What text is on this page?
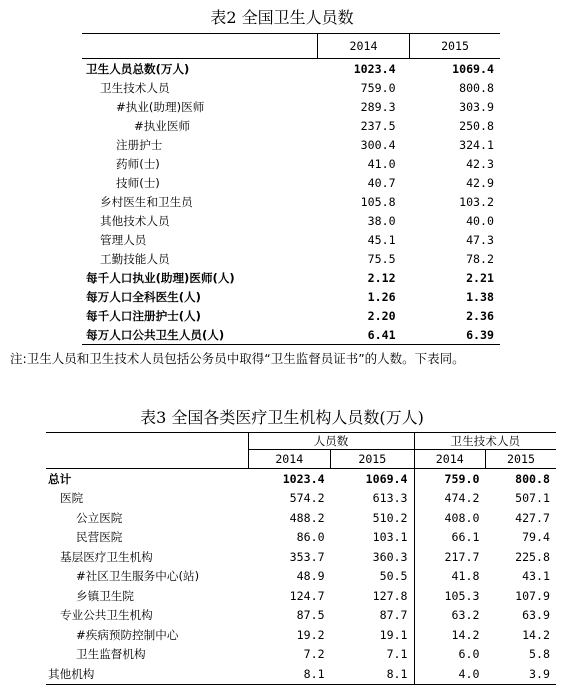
表2 全国卫生人员数
	2014	2015
卫生人员总数(万人)	1023.4	1069.4
卫生技术人员	759.0	800.8
#执业(助理)医师	289.3	303.9
#执业医师	237.5	250.8
注册护士	300.4	324.1
药师(士)	41.0	42.3
技师(士)	40.7	42.9
乡村医生和卫生员	105.8	103.2
其他技术人员	38.0	40.0
管理人员	45.1	47.3
工勤技能人员	75.5	78.2
每千人口执业(助理)医师(人)	2.12	2.21
每万人口全科医生(人)	1.26	1.38
每千人口注册护士(人)	2.20	2.36
每万人口公共卫生人员(人)	6.41	6.39
注:卫生人员和卫生技术人员包括公务员中取得“卫生监督员证书”的人数。下表同。
表3 全国各类医疗卫生机构人员数(万人)
	人员数		卫生技术人员	
	2014	2015	2014	2015
总计	1023.4	1069.4	759.0	800.8
医院	574.2	613.3	474.2	507.1
公立医院	488.2	510.2	408.0	427.7
民营医院	86.0	103.1	66.1	79.4
基层医疗卫生机构	353.7	360.3	217.7	225.8
#社区卫生服务中心(站)	48.9	50.5	41.8	43.1
乡镇卫生院	124.7	127.8	105.3	107.9
专业公共卫生机构	87.5	87.7	63.2	63.9
#疾病预防控制中心	19.2	19.1	14.2	14.2
卫生监督机构	7.2	7.1	6.0	5.8
其他机构	8.1	8.1	4.0	3.9
